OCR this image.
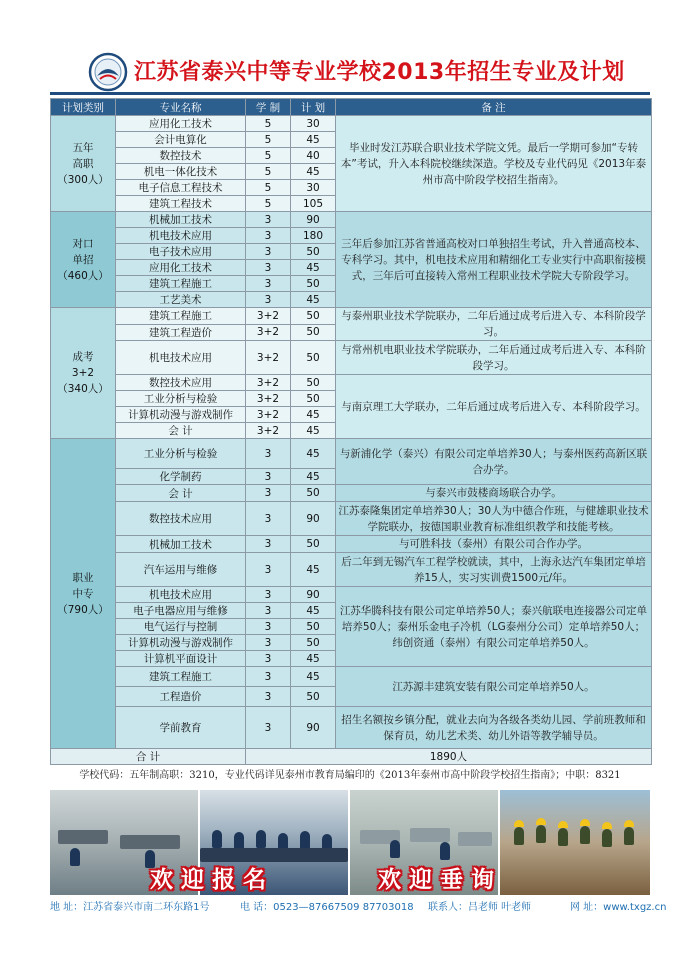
江苏省泰兴中等专业学校2013年招生专业及计划
计划类别	专业名称	学 制	计 划	备 注

五年
高职
（300人）	应用化工技术	5	30	毕业时发江苏联合职业技术学院文凭。最后一学期可参加“专转本”考试，升入本科院校继续深造。学校及专业代码见《2013年泰州市高中阶段学校招生指南》。
	会计电算化	5	45	
	数控技术	5	40	
	机电一体化技术	5	45	
	电子信息工程技术	5	30	
	建筑工程技术	5	105	

对口
单招
（460人）	机械加工技术	3	90	三年后参加江苏省普通高校对口单独招生考试，升入普通高校本、专科学习。其中，机电技术应用和精细化工专业实行中高职衔接模式，三年后可直接转入常州工程职业技术学院大专阶段学习。
	机电技术应用	3	180	
	电子技术应用	3	50	
	应用化工技术	3	45	
	建筑工程施工	3	50	
	工艺美术	3	45	

成考
3+2
（340人）	建筑工程施工	3+2	50	与泰州职业技术学院联办，二年后通过成考后进入专、本科阶段学习。
	建筑工程造价	3+2	50	
	机电技术应用	3+2	50	与常州机电职业技术学院联办，二年后通过成考后进入专、本科阶段学习。
	数控技术应用	3+2	50	与南京理工大学联办，二年后通过成考后进入专、本科阶段学习。
	工业分析与检验	3+2	50	
	计算机动漫与游戏制作	3+2	45	
	会 计	3+2	45	

职业
中专
（790人）	工业分析与检验	3	45	与新浦化学（泰兴）有限公司定单培养30人；与泰州医药高新区联合办学。
	化学制药	3	45	
	会 计	3	50	与泰兴市鼓楼商场联合办学。
	数控技术应用	3	90	江苏泰隆集团定单培养30人；30人为中德合作班，与健雄职业技术学院联办，按德国职业教育标准组织教学和技能考核。
	机械加工技术	3	50	与可胜科技（泰州）有限公司合作办学。
	汽车运用与维修	3	45	后二年到无锡汽车工程学校就读，其中，上海永达汽车集团定单培养15人，实习实训费1500元/年。
	机电技术应用	3	90	江苏华腾科技有限公司定单培养50人；泰兴航联电连接器公司定单培养50人；泰州乐金电子冷机（LG泰州分公司）定单培养50人；纬创资通（泰州）有限公司定单培养50人。
	电子电器应用与维修	3	45	
	电气运行与控制	3	50	
	计算机动漫与游戏制作	3	50	
	计算机平面设计	3	45	
	建筑工程施工	3	45	江苏源丰建筑安装有限公司定单培养50人。
	工程造价	3	50	
	学前教育	3	90	招生名额按乡镇分配，就业去向为各级各类幼儿园、学前班教师和保育员，幼儿艺术类、幼儿外语等教学辅导员。
合 计		1890人		
学校代码：五年制高职：3210，专业代码详见泰州市教育局编印的《2013年泰州市高中阶段学校招生指南》；中职：8321
欢迎报名	欢迎垂询
地 址：江苏省泰兴市南二环东路1号	电 话：0523—87667509 87703018 联系人：吕老师 叶老师	网 址：www.txgz.cn
